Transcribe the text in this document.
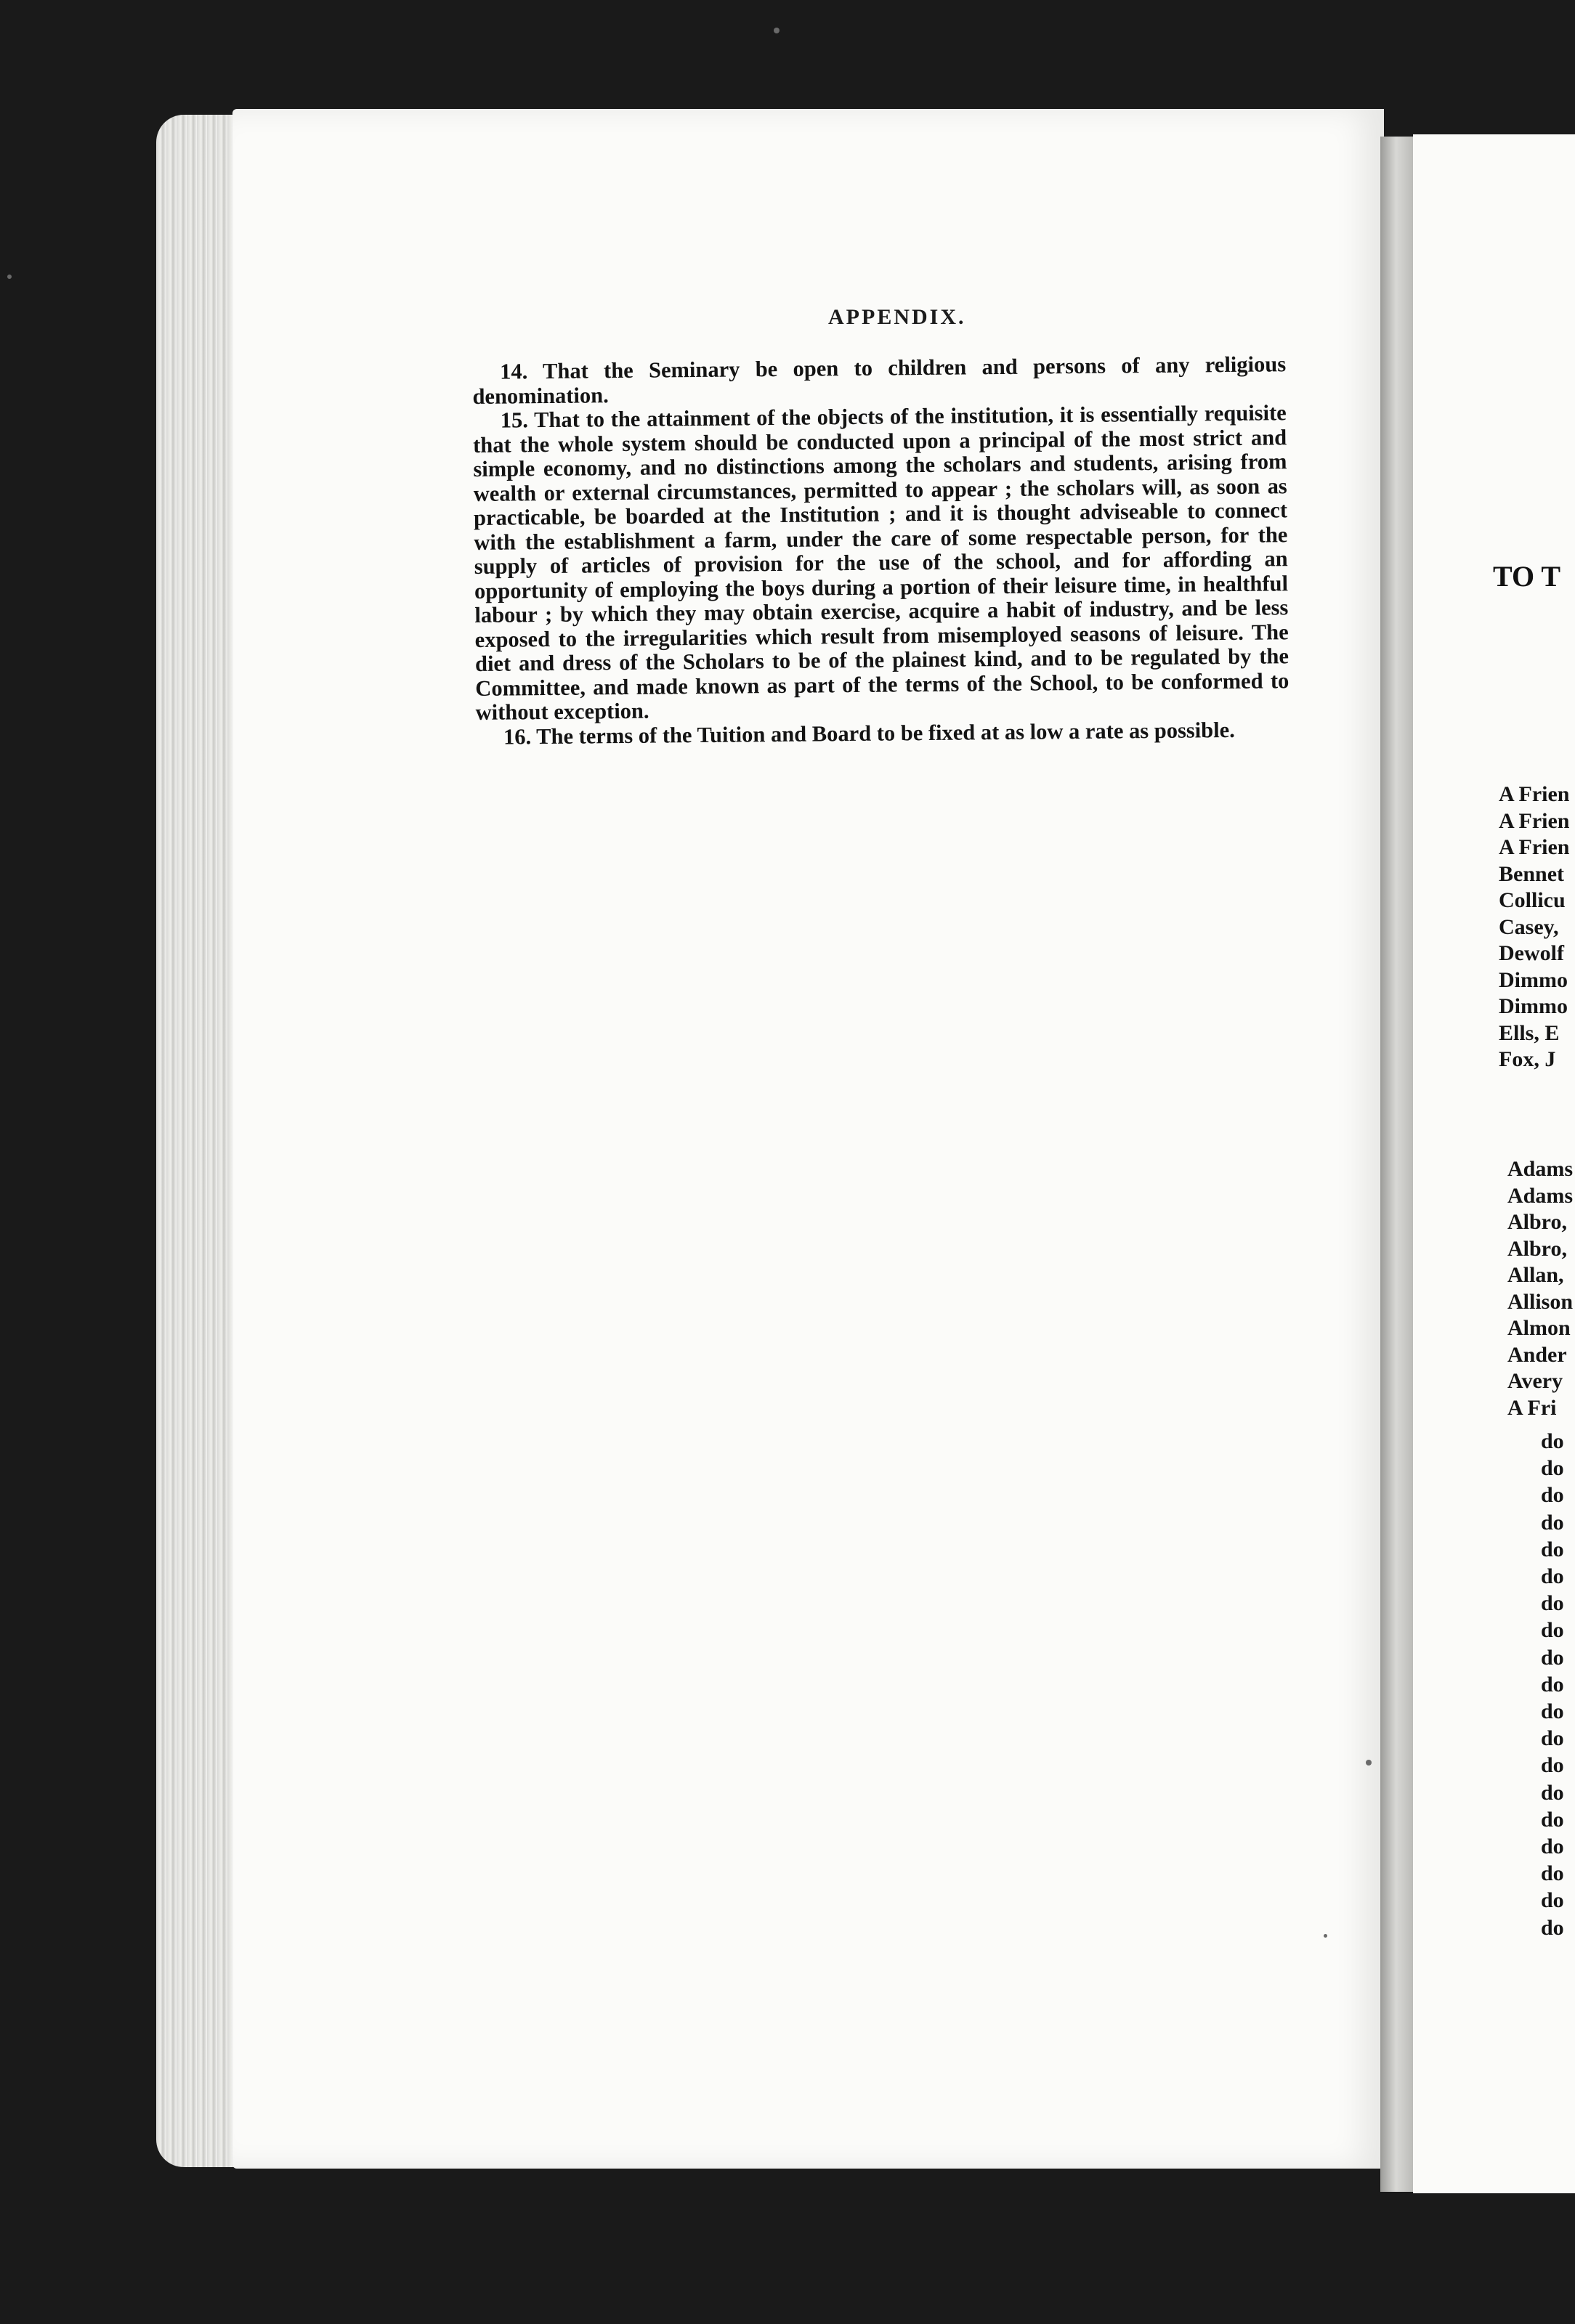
APPENDIX.

14. That the Seminary be open to children and persons of any religious denomination.

15. That to the attainment of the objects of the institution, it is essentially requisite that the whole system should be conducted upon a principal of the most strict and simple economy, and no distinctions among the scholars and students, arising from wealth or external circumstances, permitted to appear ; the scholars will, as soon as practicable, be boarded at the Institution ; and it is thought adviseable to connect with the establishment a farm, under the care of some respectable person, for the supply of articles of provision for the use of the school, and for affording an opportunity of employing the boys during a portion of their leisure time, in healthful labour ; by which they may obtain exercise, acquire a habit of industry, and be less exposed to the irregularities which result from misemployed seasons of leisure. The diet and dress of the Scholars to be of the plainest kind, and to be regulated by the Committee, and made known as part of the terms of the School, to be conformed to without exception.

16. The terms of the Tuition and Board to be fixed at as low a rate as possible.

TO T
A Frien
A Frien
A Frien
Bennet
Collicu
Casey,
Dewolf
Dimmo
Dimmo
Ells, E
Fox, J
Adams
Adams
Albro,
Albro,
Allan,
Allison
Almon
Ander
Avery
A Fri
do
do
do
do
do
do
do
do
do
do
do
do
do
do
do
do
do
do
do
